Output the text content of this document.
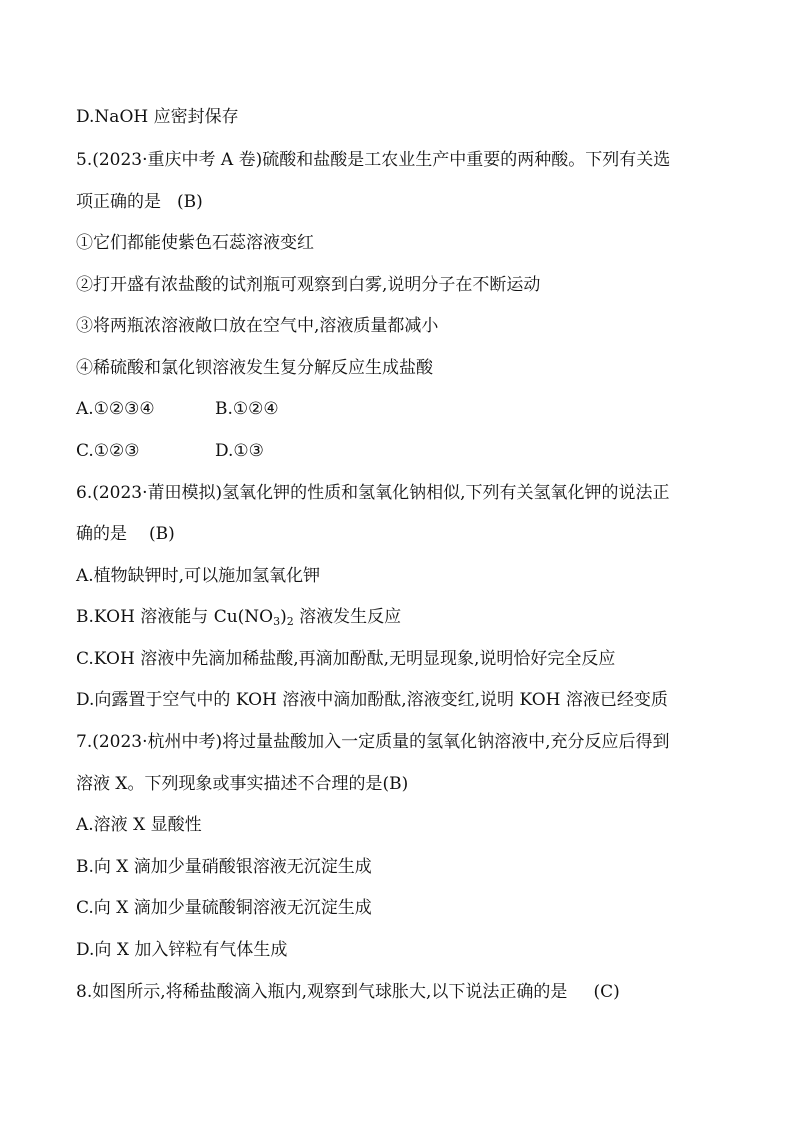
D.NaOH 应密封保存
5.(2023·重庆中考 A 卷)硫酸和盐酸是工农业生产中重要的两种酸。下列有关选
项正确的是 (B)
①它们都能使紫色石蕊溶液变红
②打开盛有浓盐酸的试剂瓶可观察到白雾,说明分子在不断运动
③将两瓶浓溶液敞口放在空气中,溶液质量都减小
④稀硫酸和氯化钡溶液发生复分解反应生成盐酸
A.①②③④	B.①②④
C.①②③	D.①③
6.(2023·莆田模拟)氢氧化钾的性质和氢氧化钠相似,下列有关氢氧化钾的说法正
确的是 (B)
A.植物缺钾时,可以施加氢氧化钾
B.KOH 溶液能与 $Cu(NO_3)_2$ 溶液发生反应
C.KOH 溶液中先滴加稀盐酸,再滴加酚酞,无明显现象,说明恰好完全反应
D.向露置于空气中的 KOH 溶液中滴加酚酞,溶液变红,说明 KOH 溶液已经变质
7.(2023·杭州中考)将过量盐酸加入一定质量的氢氧化钠溶液中,充分反应后得到
溶液 X。下列现象或事实描述不合理的是(B)
A.溶液 X 显酸性
B.向 X 滴加少量硝酸银溶液无沉淀生成
C.向 X 滴加少量硫酸铜溶液无沉淀生成
D.向 X 加入锌粒有气体生成
8.如图所示,将稀盐酸滴入瓶内,观察到气球胀大,以下说法正确的是 (C)
